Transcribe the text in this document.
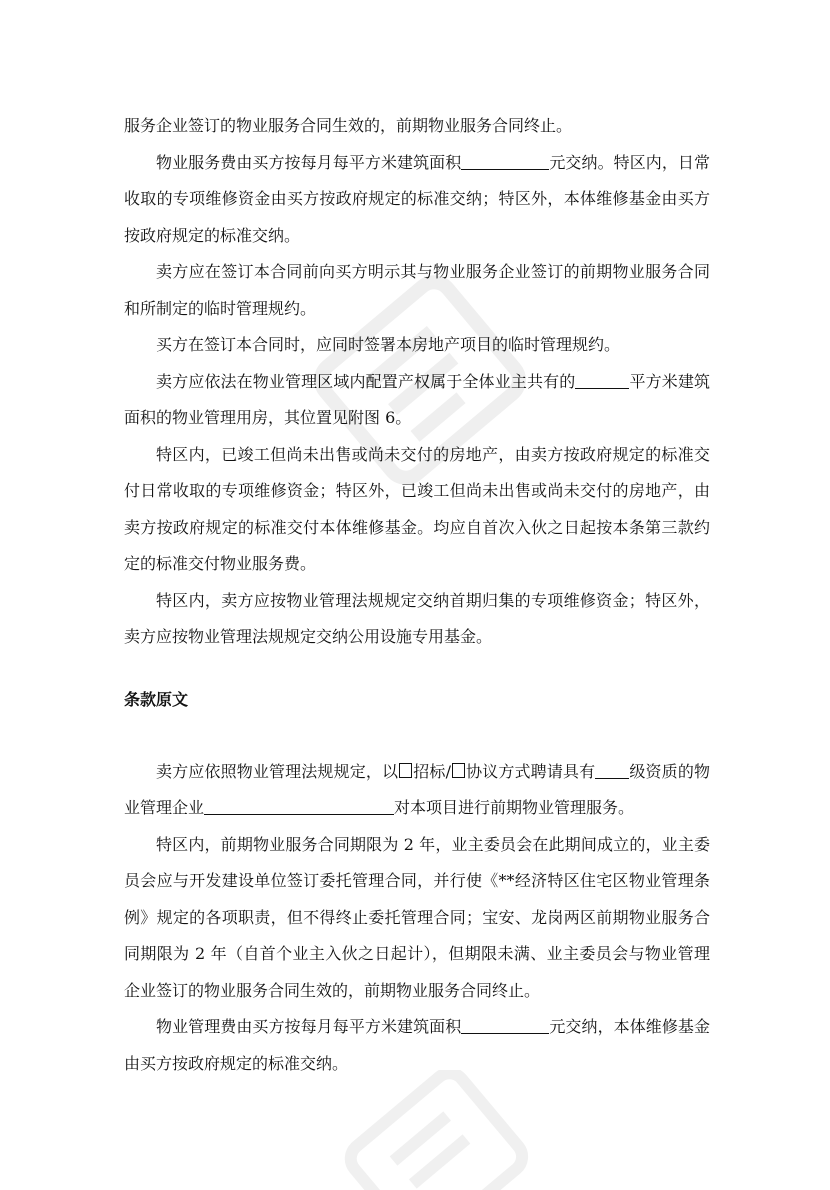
服务企业签订的物业服务合同生效的，前期物业服务合同终止。

物业服务费由买方按每月每平方米建筑面积	元交纳。特区内，日常收取的专项维修资金由买方按政府规定的标准交纳；特区外，本体维修基金由买方按政府规定的标准交纳。

卖方应在签订本合同前向买方明示其与物业服务企业签订的前期物业服务合同和所制定的临时管理规约。

买方在签订本合同时，应同时签署本房地产项目的临时管理规约。

卖方应依法在物业管理区域内配置产权属于全体业主共有的	平方米建筑面积的物业管理用房，其位置见附图 6。

特区内，已竣工但尚未出售或尚未交付的房地产，由卖方按政府规定的标准交付日常收取的专项维修资金；特区外，已竣工但尚未出售或尚未交付的房地产，由卖方按政府规定的标准交付本体维修基金。均应自首次入伙之日起按本条第三款约定的标准交付物业服务费。

特区内，卖方应按物业管理法规规定交纳首期归集的专项维修资金；特区外，卖方应按物业管理法规规定交纳公用设施专用基金。

条款原文

卖方应依照物业管理法规规定，以 招标/ 协议方式聘请具有 级资质的物业管理企业	对本项目进行前期物业管理服务。

特区内，前期物业服务合同期限为 2 年，业主委员会在此期间成立的，业主委员会应与开发建设单位签订委托管理合同，并行使《**经济特区住宅区物业管理条例》规定的各项职责，但不得终止委托管理合同；宝安、龙岗两区前期物业服务合同期限为 2 年（自首个业主入伙之日起计），但期限未满、业主委员会与物业管理企业签订的物业服务合同生效的，前期物业服务合同终止。

物业管理费由买方按每月每平方米建筑面积	元交纳，本体维修基金由买方按政府规定的标准交纳。
